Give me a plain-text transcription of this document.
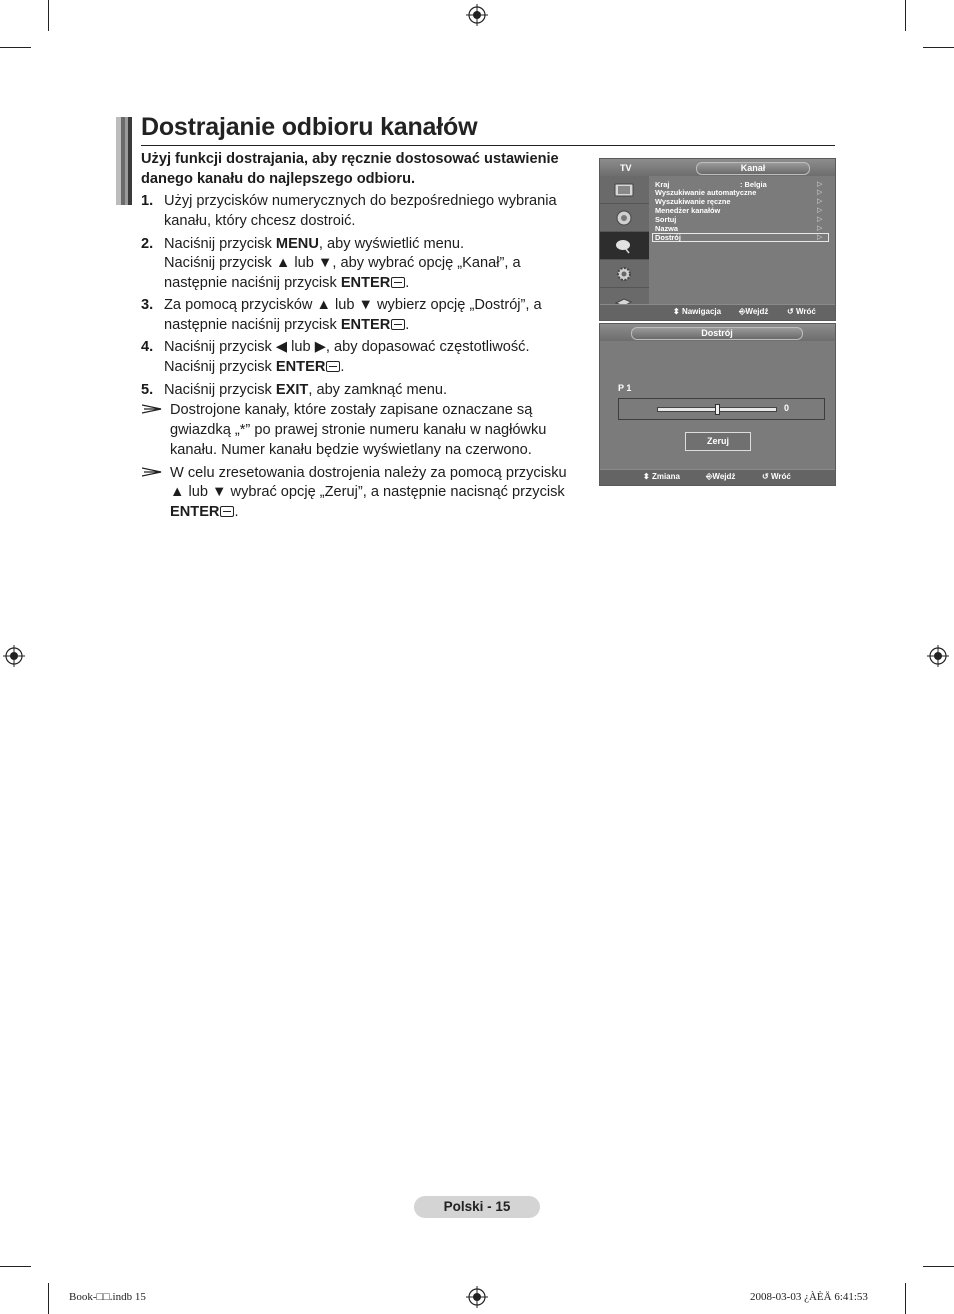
Dostrajanie odbioru kanałów
Użyj funkcji dostrajania, aby ręcznie dostosować ustawienie
danego kanału do najlepszego odbioru.
1. Użyj przycisków numerycznych do bezpośredniego wybrania
kanału, który chcesz dostroić.
2. Naciśnij przycisk MENU, aby wyświetlić menu.
Naciśnij przycisk ▲ lub ▼, aby wybrać opcję „Kanał”, a
następnie naciśnij przycisk ENTER .
3. Za pomocą przycisków ▲ lub ▼ wybierz opcję „Dostrój”, a
następnie naciśnij przycisk ENTER .
4. Naciśnij przycisk ◀ lub ▶, aby dopasować częstotliwość.
Naciśnij przycisk ENTER .
5. Naciśnij przycisk EXIT, aby zamknąć menu.
Dostrojone kanały, które zostały zapisane oznaczane są
gwiazdką „*” po prawej stronie numeru kanału w nagłówku
kanału. Numer kanału będzie wyświetlany na czerwono.
W celu zresetowania dostrojenia należy za pomocą przycisku
▲ lub ▼ wybrać opcję „Zeruj”, a następnie nacisnąć przycisk
ENTER .
TV	Kanał
Kraj	: Belgia	▷
Wyszukiwanie automatyczne	▷
Wyszukiwanie ręczne	▷
Menedżer kanałów	▷
Sortuj	▷
Nazwa	▷
Dostrój	▷
⬍ Nawigacja ⎆Wejdź ↺ Wróć
Dostrój
P 1
0
Zeruj
⬍ Zmiana	⎆Wejdź	↺ Wróć
Polski - 15
Book-□□.indb 15	2008-03-03 ¿ÀÈÄ 6:41:53
